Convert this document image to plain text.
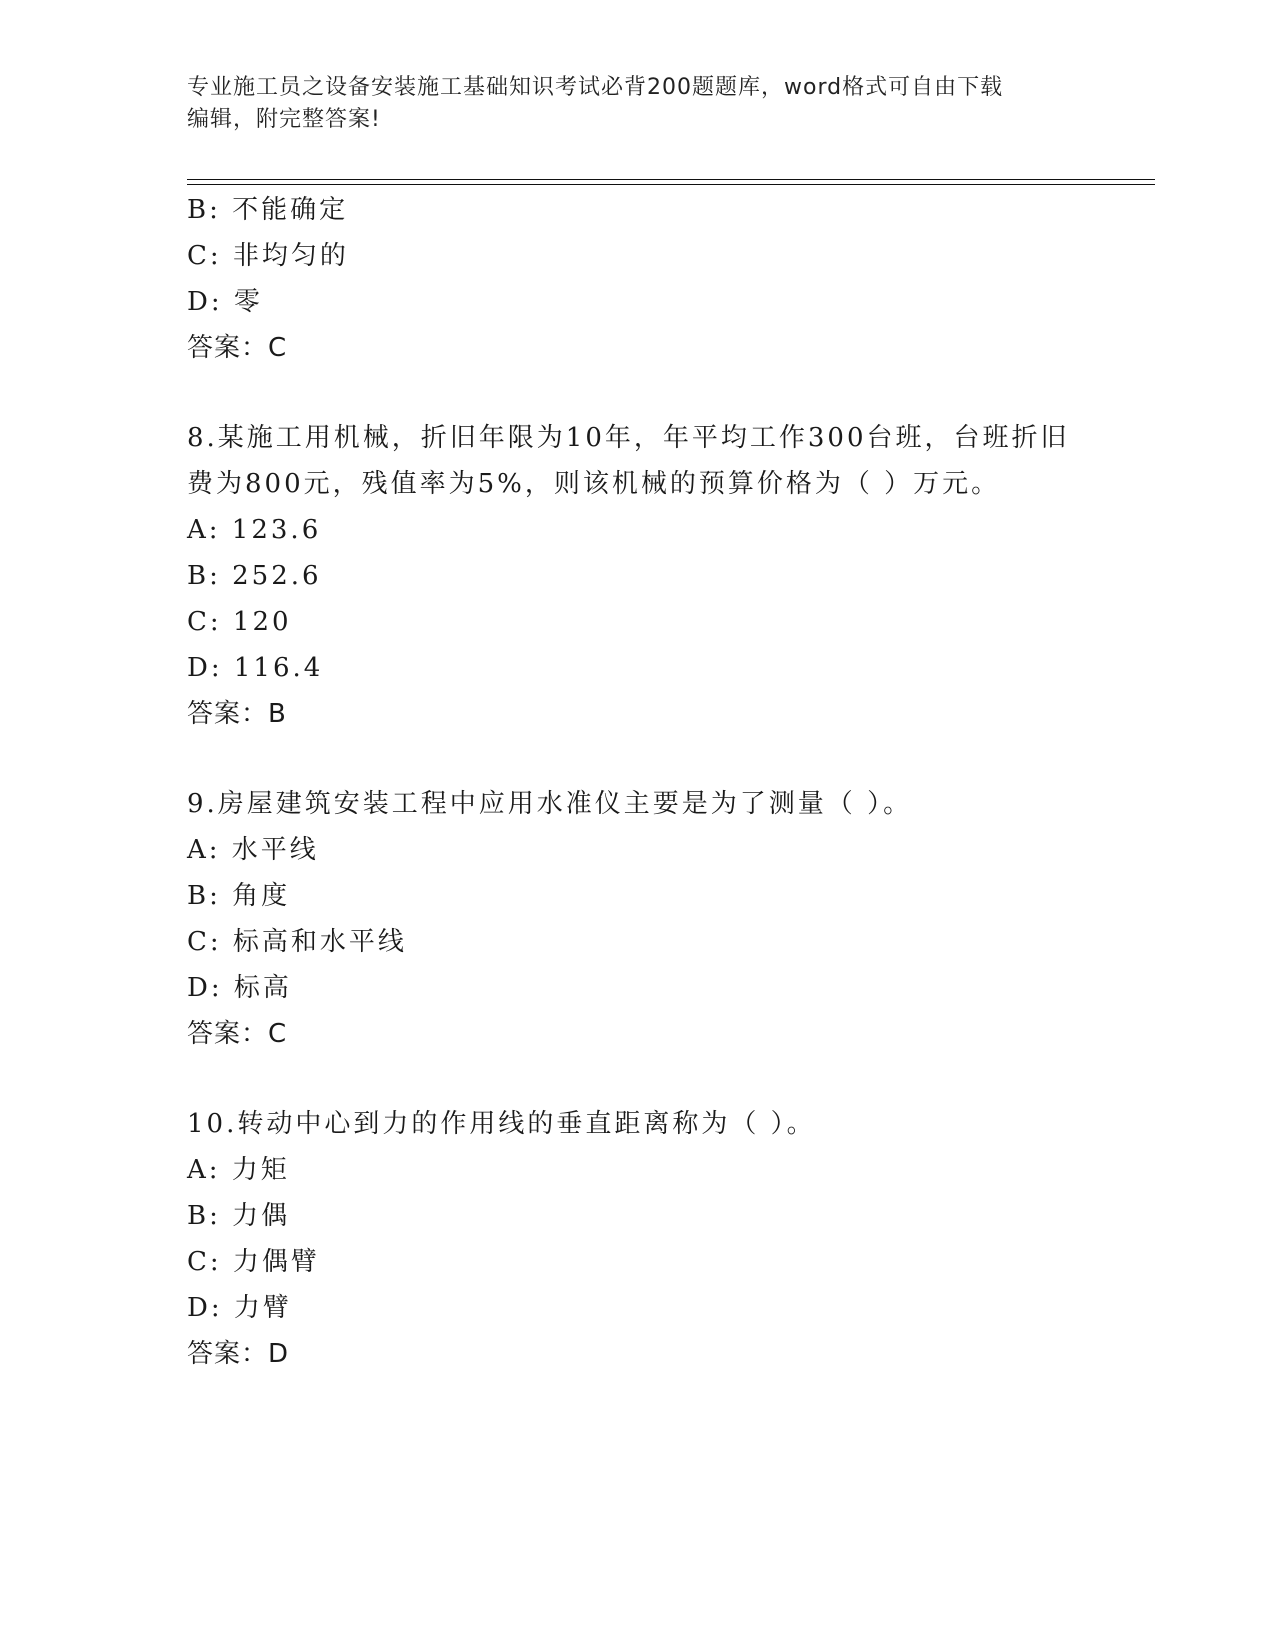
专业施工员之设备安装施工基础知识考试必背200题题库，word格式可自由下载
编辑，附完整答案!
B: 不能确定
C: 非均匀的
D: 零
答案：C
8.某施工用机械，折旧年限为10年，年平均工作300台班，台班折旧
费为800元，残值率为5%，则该机械的预算价格为（ ）万元。
A: 123.6
B: 252.6
C: 120
D: 116.4
答案：B
9.房屋建筑安装工程中应用水准仪主要是为了测量（ ）。
A: 水平线
B: 角度
C: 标高和水平线
D: 标高
答案：C
10.转动中心到力的作用线的垂直距离称为（ ）。
A: 力矩
B: 力偶
C: 力偶臂
D: 力臂
答案：D
